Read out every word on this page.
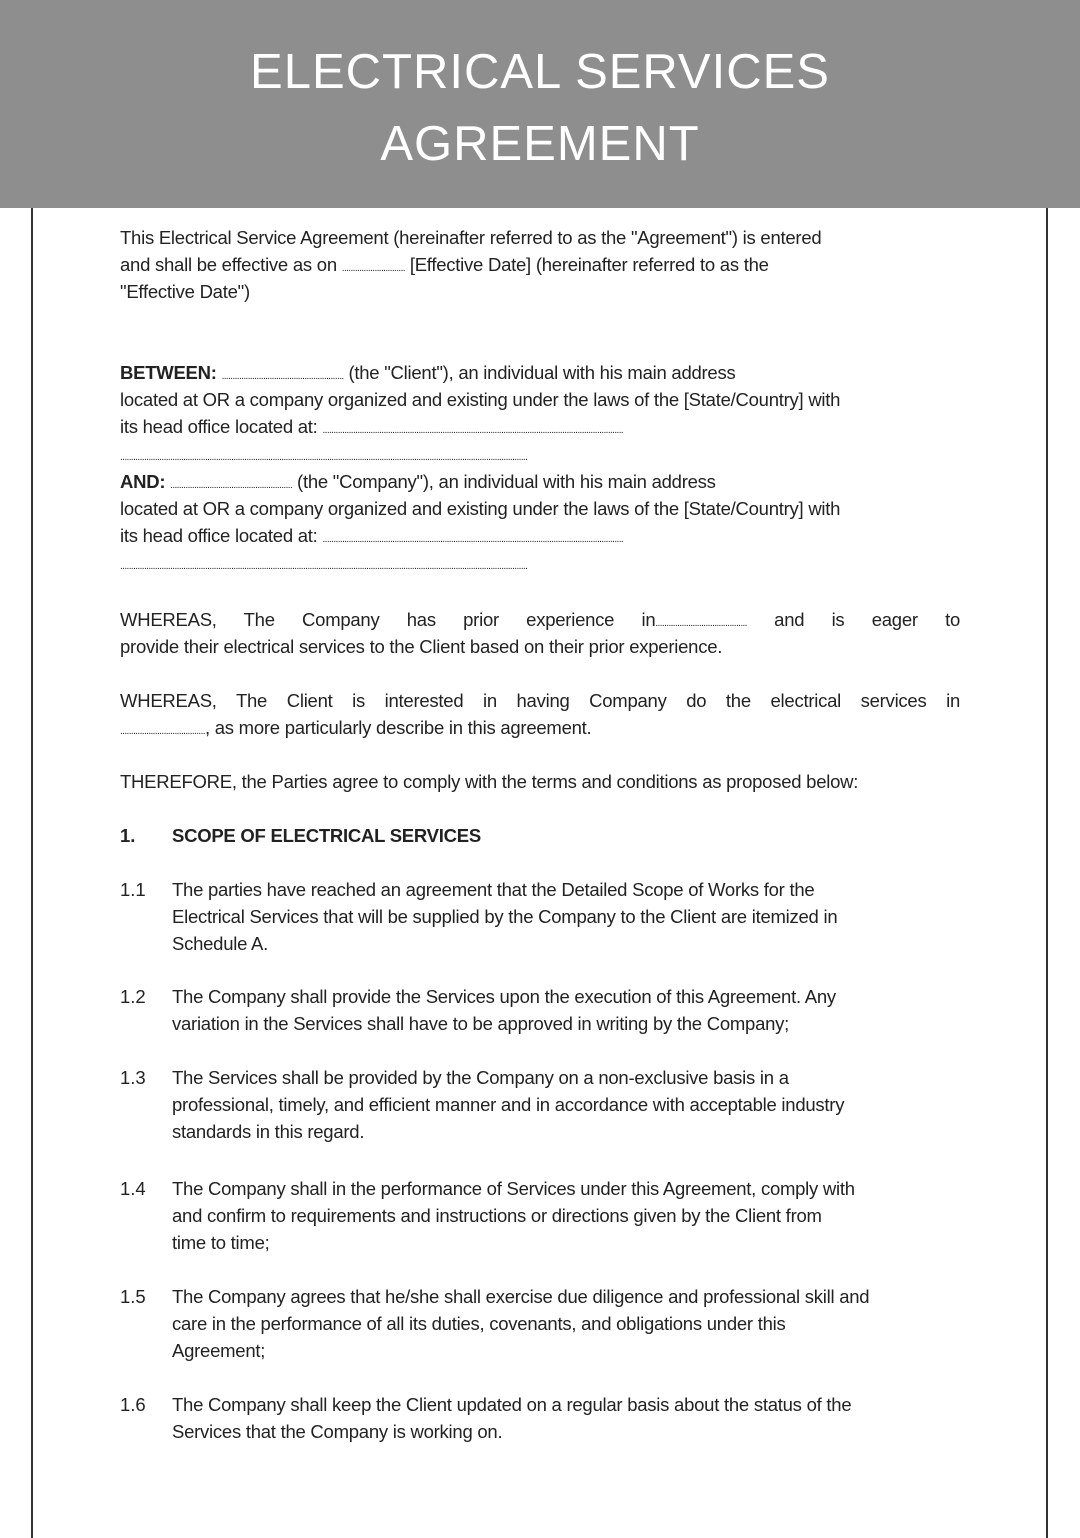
ELECTRICAL SERVICES
AGREEMENT
This Electrical Service Agreement (hereinafter referred to as the "Agreement") is entered
and shall be effective as on ............................. [Effective Date] (hereinafter referred to as the
"Effective Date")
BETWEEN: ........................................................ (the "Client"), an individual with his main address
located at OR a company organized and existing under the laws of the [State/Country] with
its head office located at: ..........................................................................................................................................
...........................................................................................................................................................................................
AND: ........................................................ (the "Company"), an individual with his main address
located at OR a company organized and existing under the laws of the [State/Country] with
its head office located at: ..........................................................................................................................................
...........................................................................................................................................................................................
WHEREAS, The Company has prior experience in.......................................... and is eager to
provide their electrical services to the Client based on their prior experience.
WHEREAS, The Client is interested in having Company do the electrical services in
......................................., as more particularly describe in this agreement.
THEREFORE, the Parties agree to comply with the terms and conditions as proposed below:
1. SCOPE OF ELECTRICAL SERVICES
1.1 The parties have reached an agreement that the Detailed Scope of Works for the
Electrical Services that will be supplied by the Company to the Client are itemized in
Schedule A.
1.2 The Company shall provide the Services upon the execution of this Agreement. Any
variation in the Services shall have to be approved in writing by the Company;
1.3 The Services shall be provided by the Company on a non-exclusive basis in a
professional, timely, and efficient manner and in accordance with acceptable industry
standards in this regard.
1.4 The Company shall in the performance of Services under this Agreement, comply with
and confirm to requirements and instructions or directions given by the Client from
time to time;
1.5 The Company agrees that he/she shall exercise due diligence and professional skill and
care in the performance of all its duties, covenants, and obligations under this
Agreement;
1.6 The Company shall keep the Client updated on a regular basis about the status of the
Services that the Company is working on.
